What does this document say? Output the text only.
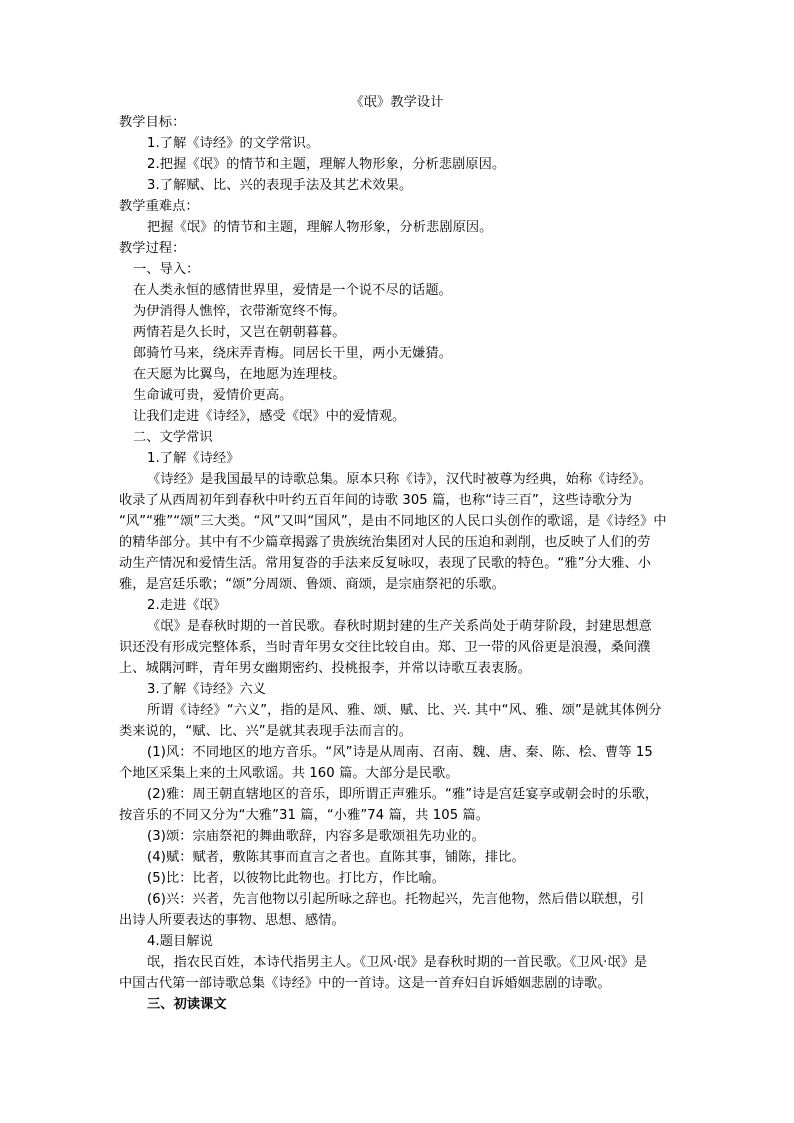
《氓》教学设计
教学目标：
1.了解《诗经》的文学常识。
2.把握《氓》的情节和主题，理解人物形象，分析悲剧原因。
3.了解赋、比、兴的表现手法及其艺术效果。
教学重难点：
把握《氓》的情节和主题，理解人物形象，分析悲剧原因。
教学过程：
一、导入：
在人类永恒的感情世界里，爱情是一个说不尽的话题。
为伊消得人憔悴，衣带渐宽终不悔。
两情若是久长时，又岂在朝朝暮暮。
郎骑竹马来，绕床弄青梅。同居长干里，两小无嫌猜。
在天愿为比翼鸟，在地愿为连理枝。
生命诚可贵，爱情价更高。
让我们走进《诗经》，感受《氓》中的爱情观。
二、文学常识
1.了解《诗经》
《诗经》是我国最早的诗歌总集。原本只称《诗》，汉代时被尊为经典，始称《诗经》。
收录了从西周初年到春秋中叶约五百年间的诗歌 305 篇，也称“诗三百”，这些诗歌分为
“风”“雅”“颂”三大类。“风”又叫“国风”，是由不同地区的人民口头创作的歌谣，是《诗经》中
的精华部分。其中有不少篇章揭露了贵族统治集团对人民的压迫和剥削，也反映了人们的劳
动生产情况和爱情生活。常用复沓的手法来反复咏叹，表现了民歌的特色。“雅”分大雅、小
雅，是宫廷乐歌；“颂”分周颂、鲁颂、商颂，是宗庙祭祀的乐歌。
2.走进《氓》
《氓》是春秋时期的一首民歌。春秋时期封建的生产关系尚处于萌芽阶段，封建思想意
识还没有形成完整体系，当时青年男女交往比较自由。郑、卫一带的风俗更是浪漫，桑间濮
上、城隅河畔，青年男女幽期密约、投桃报李，并常以诗歌互表衷肠。
3.了解《诗经》六义
所谓《诗经》“六义”，指的是风、雅、颂、赋、比、兴. 其中“风、雅、颂”是就其体例分
类来说的，“赋、比、兴”是就其表现手法而言的。
(1)风：不同地区的地方音乐。“风”诗是从周南、召南、魏、唐、秦、陈、桧、曹等 15
个地区采集上来的土风歌谣。共 160 篇。大部分是民歌。
(2)雅：周王朝直辖地区的音乐，即所谓正声雅乐。“雅”诗是宫廷宴享或朝会时的乐歌，
按音乐的不同又分为“大雅”31 篇，“小雅”74 篇，共 105 篇。
(3)颂：宗庙祭祀的舞曲歌辞，内容多是歌颂祖先功业的。
(4)赋：赋者，敷陈其事而直言之者也。直陈其事，铺陈，排比。
(5)比：比者，以彼物比此物也。打比方，作比喻。
(6)兴：兴者，先言他物以引起所咏之辞也。托物起兴，先言他物，然后借以联想，引
出诗人所要表达的事物、思想、感情。
4.题目解说
氓，指农民百姓，本诗代指男主人。《卫风·氓》是春秋时期的一首民歌。《卫风·氓》是
中国古代第一部诗歌总集《诗经》中的一首诗。这是一首弃妇自诉婚姻悲剧的诗歌。
三、初读课文
